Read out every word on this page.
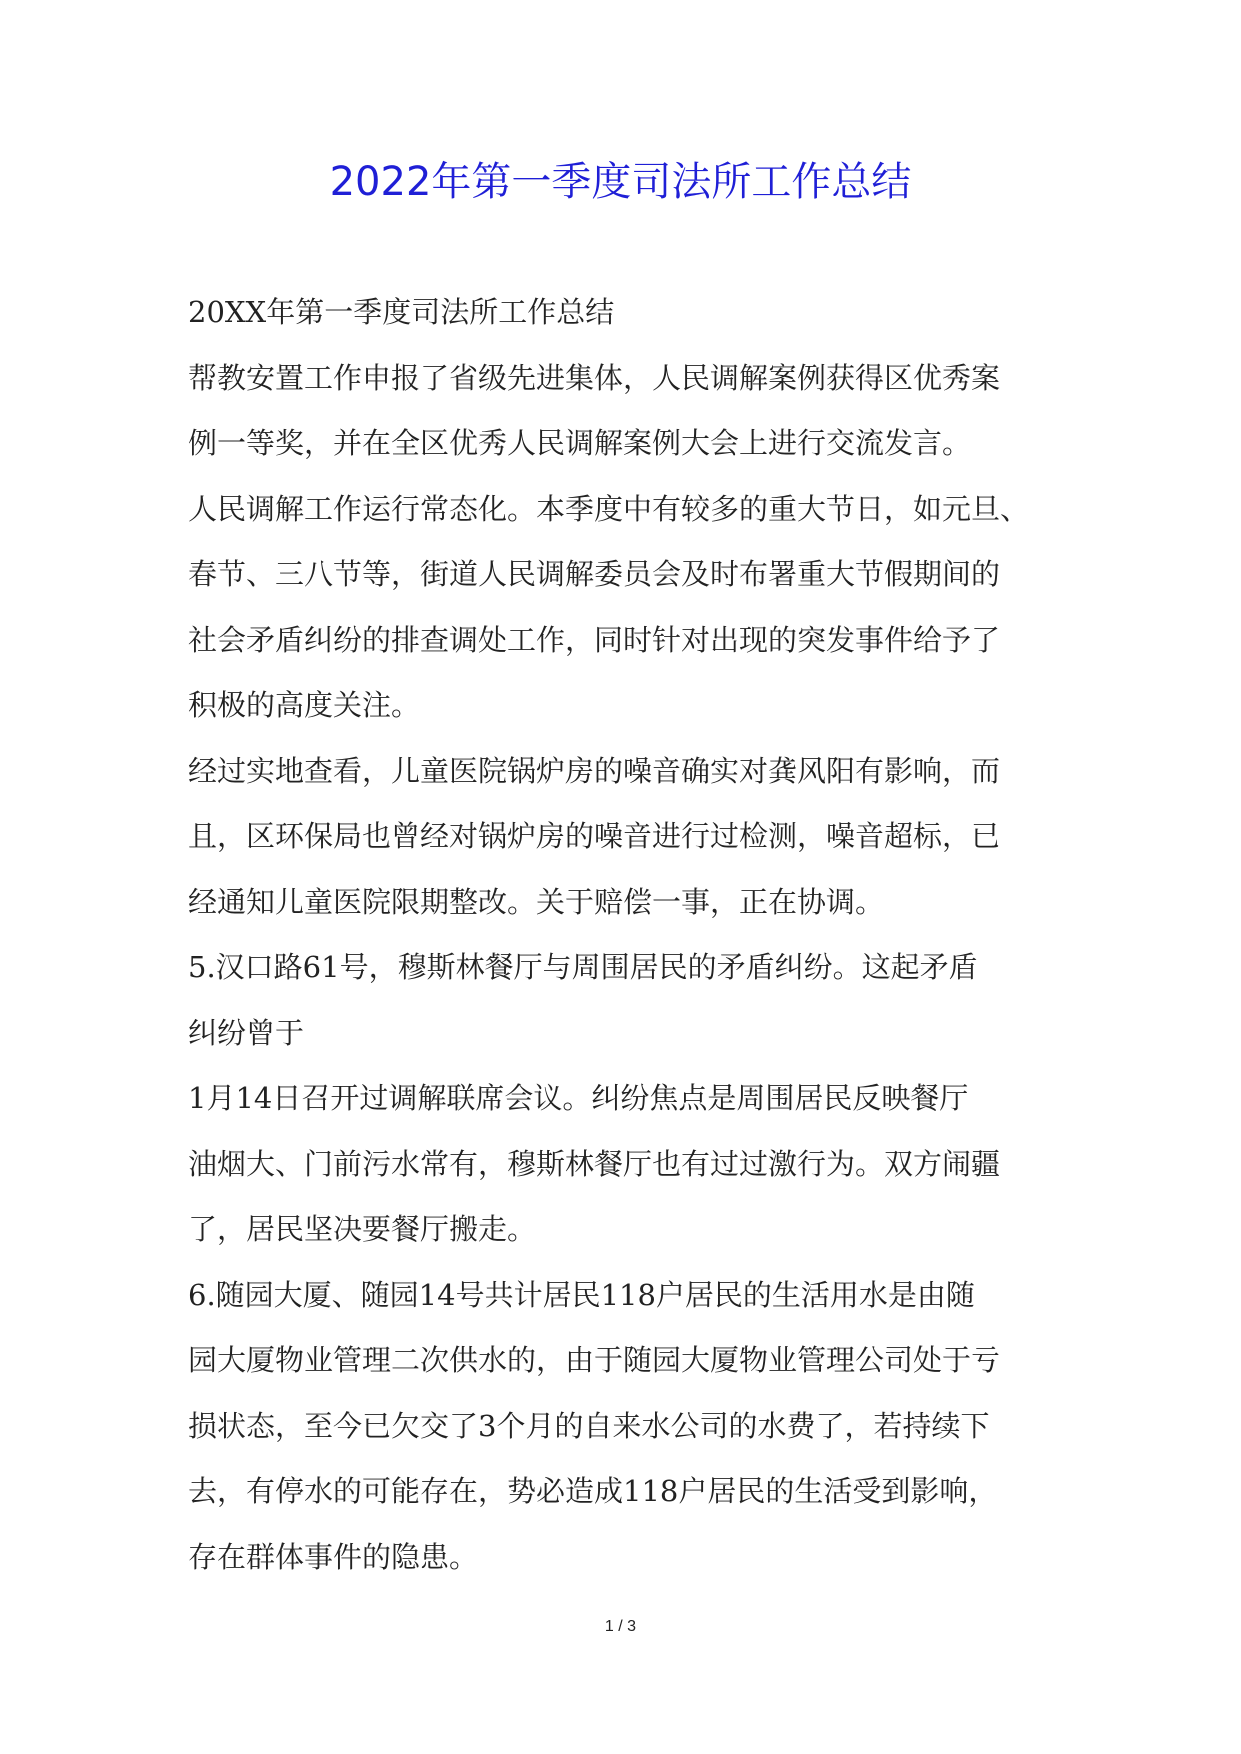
2022年第一季度司法所工作总结

20XX年第一季度司法所工作总结

帮教安置工作申报了省级先进集体，人民调解案例获得区优秀案

例一等奖，并在全区优秀人民调解案例大会上进行交流发言。

人民调解工作运行常态化。本季度中有较多的重大节日，如元旦、

春节、三八节等，街道人民调解委员会及时布署重大节假期间的

社会矛盾纠纷的排查调处工作，同时针对出现的突发事件给予了

积极的高度关注。

经过实地查看，儿童医院锅炉房的噪音确实对龚风阳有影响，而

且，区环保局也曾经对锅炉房的噪音进行过检测，噪音超标，已

经通知儿童医院限期整改。关于赔偿一事，正在协调。

5.汉口路61号，穆斯林餐厅与周围居民的矛盾纠纷。这起矛盾

纠纷曾于

1月14日召开过调解联席会议。纠纷焦点是周围居民反映餐厅

油烟大、门前污水常有，穆斯林餐厅也有过过激行为。双方闹疆

了，居民坚决要餐厅搬走。

6.随园大厦、随园14号共计居民118户居民的生活用水是由随

园大厦物业管理二次供水的，由于随园大厦物业管理公司处于亏

损状态，至今已欠交了3个月的自来水公司的水费了，若持续下

去，有停水的可能存在，势必造成118户居民的生活受到影响，

存在群体事件的隐患。

1 / 3
